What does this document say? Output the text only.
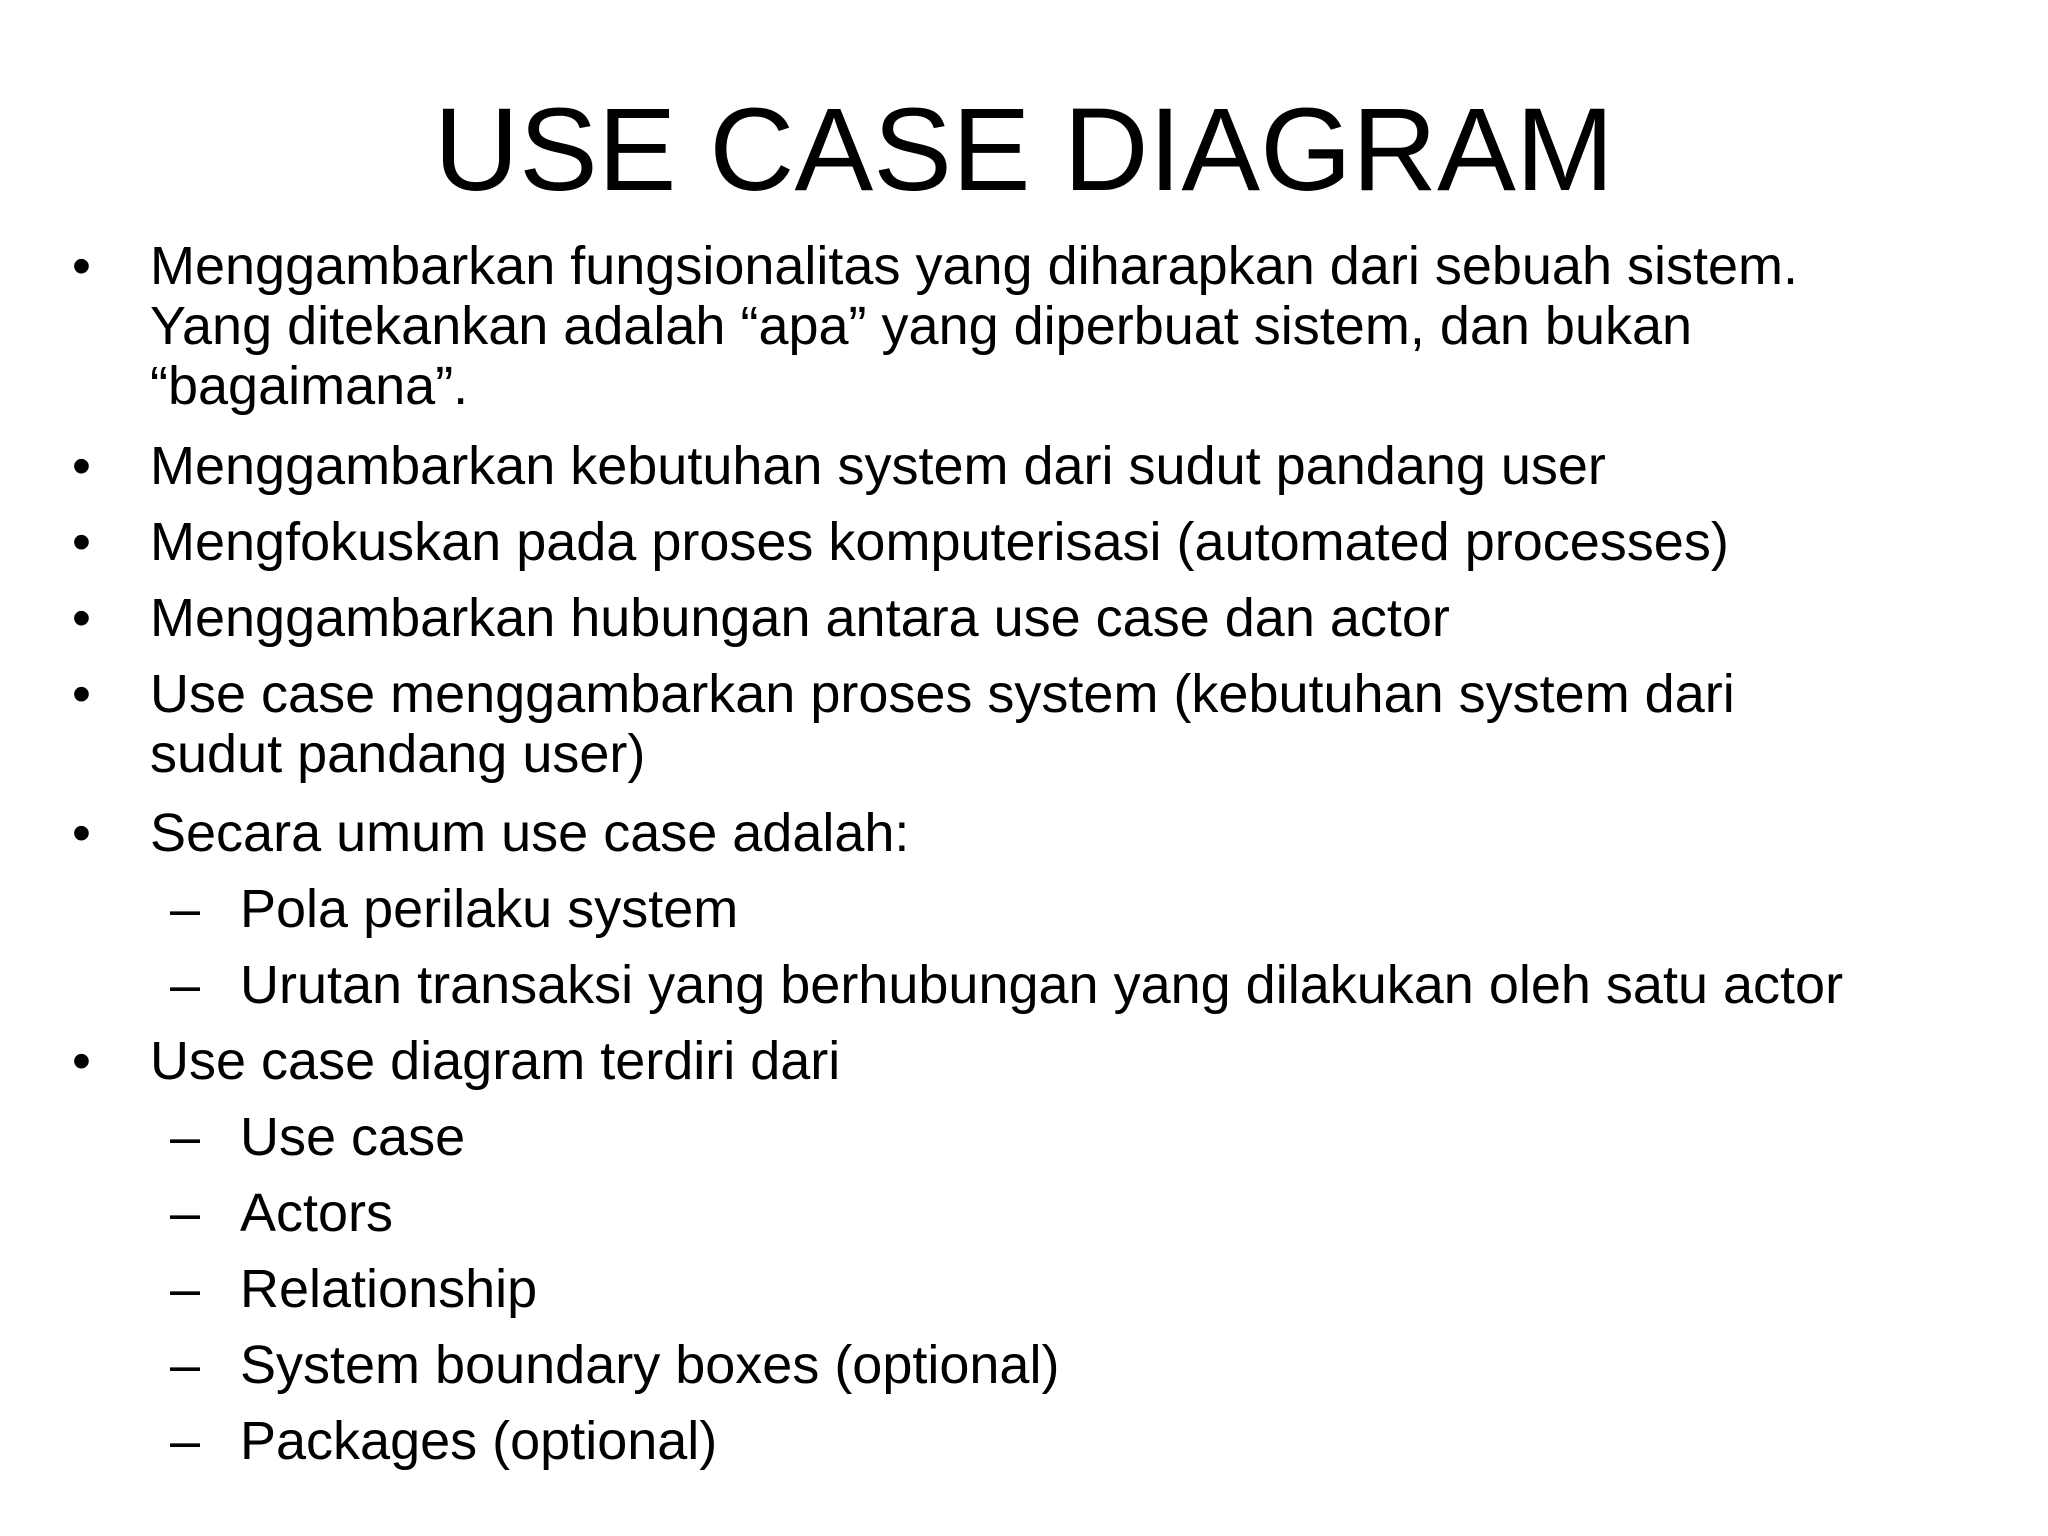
USE CASE DIAGRAM
• Menggambarkan fungsionalitas yang diharapkan dari sebuah sistem.
Yang ditekankan adalah “apa” yang diperbuat sistem, dan bukan
“bagaimana”.
• Menggambarkan kebutuhan system dari sudut pandang user
• Mengfokuskan pada proses komputerisasi (automated processes)
• Menggambarkan hubungan antara use case dan actor
• Use case menggambarkan proses system (kebutuhan system dari
sudut pandang user)
• Secara umum use case adalah:
– Pola perilaku system
– Urutan transaksi yang berhubungan yang dilakukan oleh satu actor
• Use case diagram terdiri dari
– Use case
– Actors
– Relationship
– System boundary boxes (optional)
– Packages (optional)
